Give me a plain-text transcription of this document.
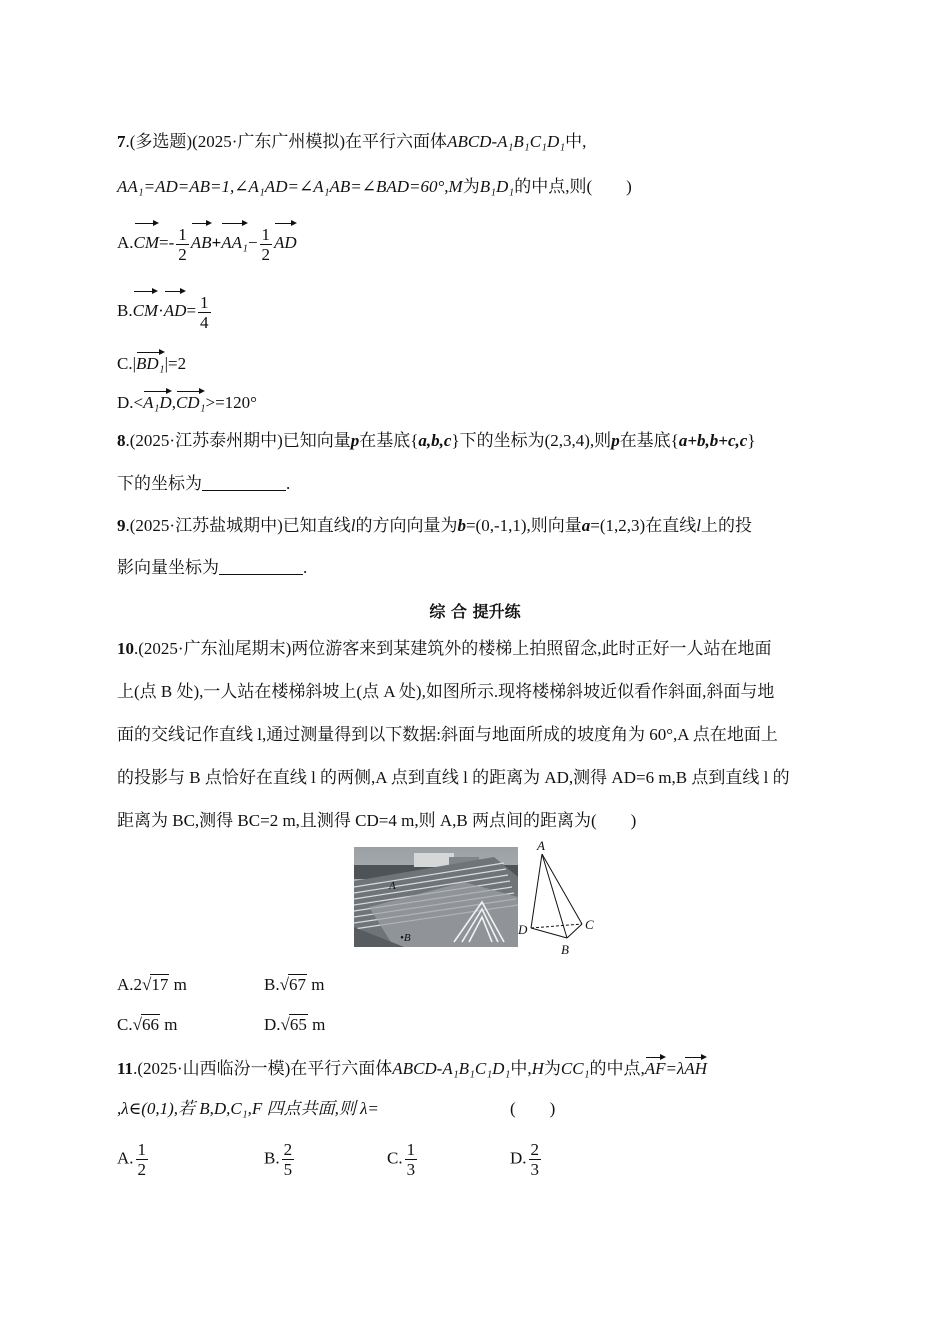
7.(多选题)(2025·广东广州模拟)在平行六面体ABCD-A₁B₁C₁D₁中,
AA₁=AD=AB=1,∠A₁AD=∠A₁AB=∠BAD=60°,M为B₁D₁的中点,则(　　)
$A.CM=- \frac{1}{2} AB+AA_1- \frac{1}{2}$ AD
$B.CM\cdot AD= \frac{1}{4}$
C.|BD₁|=2
D.<A₁D,CD₁>=120°
8.(2025·江苏泰州期中)已知向量p在基底{a,b,c}下的坐标为(2,3,4),则p在基底{a+b,b+c,c}
下的坐标为	.
9.(2025·江苏盐城期中)已知直线l的方向向量为b=(0,-1,1),则向量a=(1,2,3)在直线l上的投
影向量坐标为	.
综 合 提升练
10.(2025·广东汕尾期末)两位游客来到某建筑外的楼梯上拍照留念,此时正好一人站在地面
上(点 B 处),一人站在楼梯斜坡上(点 A 处),如图所示.现将楼梯斜坡近似看作斜面,斜面与地
面的交线记作直线 l,通过测量得到以下数据:斜面与地面所成的坡度角为 60°,A 点在地面上
的投影与 B 点恰好在直线 l 的两侧,A 点到直线 l 的距离为 AD,测得 AD=6 m,B 点到直线 l 的
距离为 BC,测得 BC=2 m,且测得 CD=4 m,则 A,B 两点间的距离为(　　)
A
•B
A
D	C
B
A.2√17 m	B.√67 m
C.√66 m	D.√65 m
11.(2025·山西临汾一模)在平行六面体ABCD-A₁B₁C₁D₁中,H为CC₁的中点,AF=λAH
,λ∈(0,1),若 B,D,C₁,F 四点共面,则 λ=	(　　)
A. $\frac{1}{2}$	B. $\frac{2}{5}$	C. $\frac{1}{3}$	D. $\frac{2}{3}$
